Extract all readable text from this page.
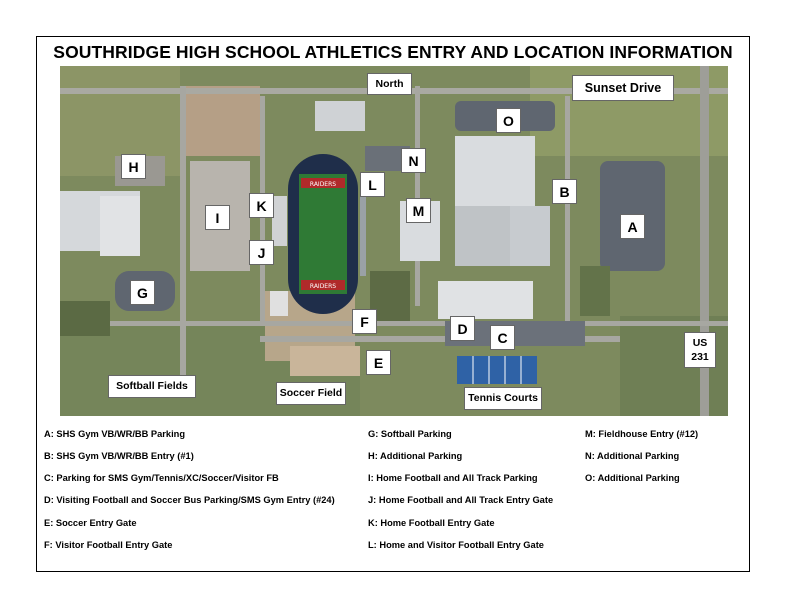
SOUTHRIDGE HIGH SCHOOL ATHLETICS ENTRY AND LOCATION INFORMATION
RAIDERS
RAIDERS
A
B
C
D
E
F
G
H
I
J
K
L
M
N
O
North	Sunset Drive
US 231
Softball Fields
Soccer Field	Tennis Courts
A: SHS Gym VB/WR/BB Parking
B: SHS Gym VB/WR/BB Entry (#1)
C: Parking for SMS Gym/Tennis/XC/Soccer/Visitor FB
D: Visiting Football and Soccer Bus Parking/SMS Gym Entry (#24)
E: Soccer Entry Gate
F: Visitor Football Entry Gate
G: Softball Parking
H: Additional Parking
I: Home Football and All Track Parking
J: Home Football and All Track Entry Gate
K: Home Football Entry Gate
L: Home and Visitor Football Entry Gate
M: Fieldhouse Entry (#12)
N: Additional Parking
O: Additional Parking
